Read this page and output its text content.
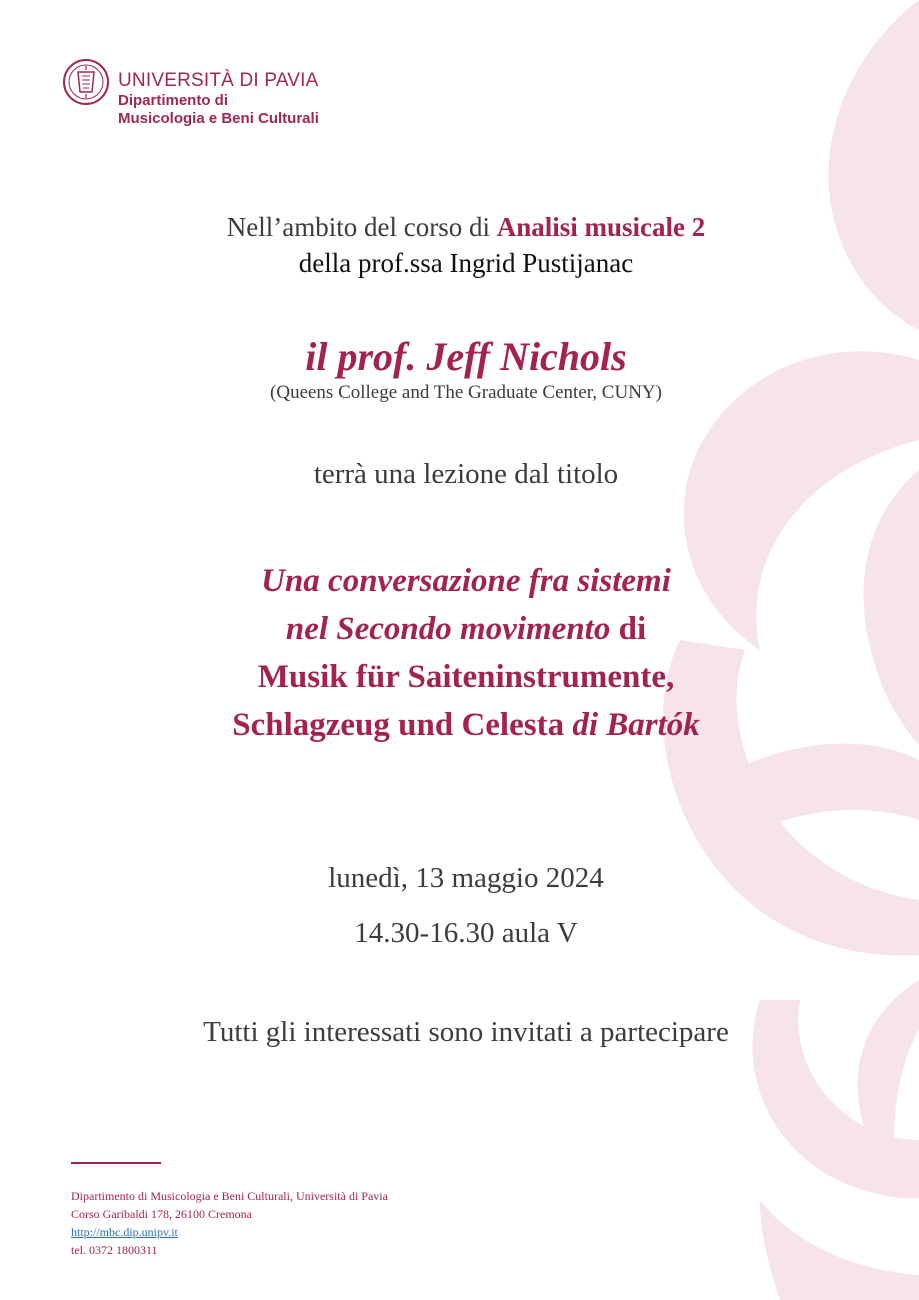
UNIVERSITÀ DI PAVIA
Dipartimento di
Musicologia e Beni Culturali
Nell’ambito del corso di Analisi musicale 2
della prof.ssa Ingrid Pustijanac
il prof. Jeff Nichols
(Queens College and The Graduate Center, CUNY)
terrà una lezione dal titolo
Una conversazione fra sistemi
nel Secondo movimento di
Musik für Saiteninstrumente,
Schlagzeug und Celesta di Bartók
lunedì, 13 maggio 2024
14.30-16.30 aula V
Tutti gli interessati sono invitati a partecipare
Dipartimento di Musicologia e Beni Culturali, Università di Pavia
Corso Garibaldi 178, 26100 Cremona
http://mbc.dip.unipv.it
tel. 0372 1800311
